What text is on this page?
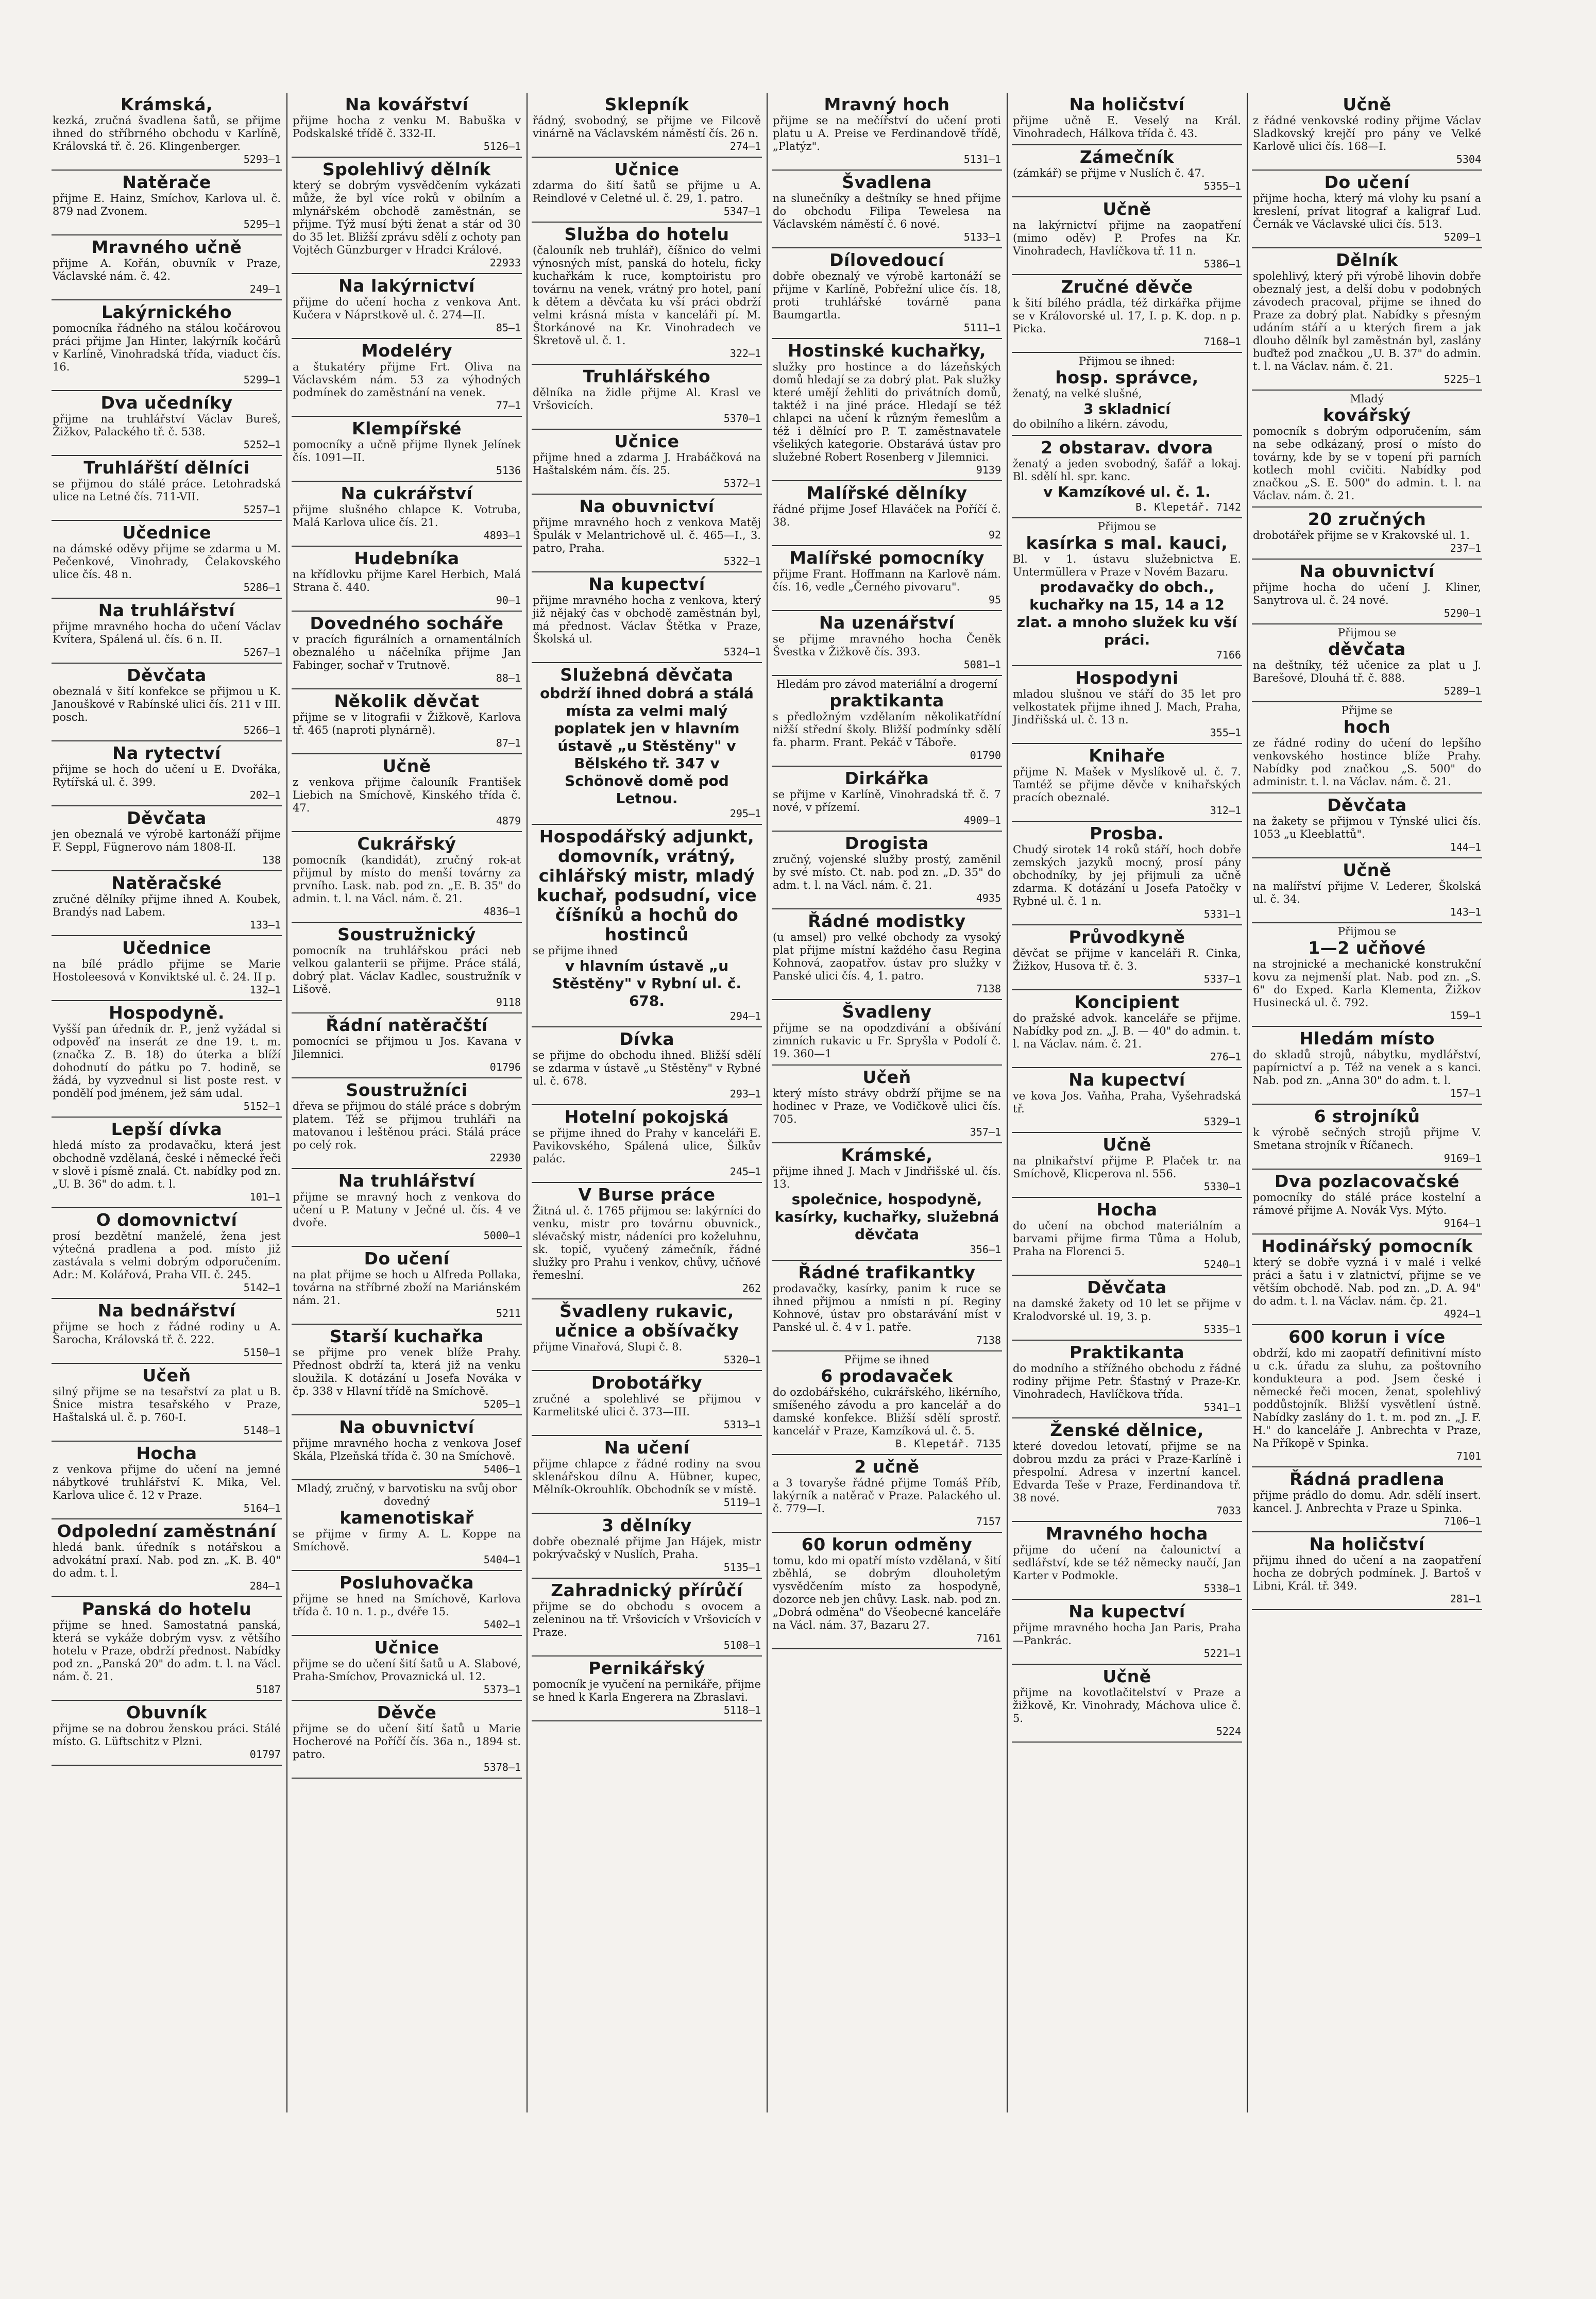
Krámská,
kezká, zručná švadlena šatů, se přijme ihned do stříbrného obchodu v Karlíně, Královská tř. č. 26. Klingenberger.
5293—1
Natěrače
přijme E. Hainz, Smíchov, Karlova ul. č. 879 nad Zvonem.
5295—1
Mravného učně
přijme A. Kořán, obuvník v Praze, Václavské nám. č. 42.
249—1
Lakýrnického
pomocníka řádného na stálou kočárovou práci přijme Jan Hinter, lakýrník kočárů v Karlíně, Vinohradská třída, viaduct čís. 16.
5299—1
Dva učedníky
přijme na truhlářství Václav Bureš, Žižkov, Palackého tř. č. 538.
5252—1
Truhlářští dělníci
se přijmou do stálé práce. Letohradská ulice na Letné čís. 711-VII.
5257—1
Učednice
na dámské oděvy přijme se zdarma u M. Pečenkové, Vinohrady, Čelakovského ulice čís. 48 n.
5286—1
Na truhlářství
přijme mravného hocha do učení Václav Kvítera, Spálená ul. čís. 6 n. II.
5267—1
Děvčata
obeznalá v šití konfekce se přijmou u K. Janouškové v Rabínské ulici čís. 211 v III. posch.
5266—1
Na rytectví
přijme se hoch do učení u E. Dvořáka, Rytířská ul. č. 399.
202—1
Děvčata
jen obeznalá ve výrobě kartonáží přijme F. Seppl, Fügnerovo nám 1808-II.
138
Natěračské
zručné dělníky přijme ihned A. Koubek, Brandýs nad Labem.
133—1
Učednice
na bílé prádlo přijme se Marie Hostoleesová v Konviktské ul. č. 24. II p.
132—1
Hospodyně.
Vyšší pan úředník dr. P., jenž vyžádal si odpověď na inserát ze dne 19. t. m. (značka Z. B. 18) do úterka a blíží dohodnutí do pátku po 7. hodině, se žádá, by vyzvednul si list poste rest. v pondělí pod jménem, jež sám udal.
5152—1
Lepší dívka
hledá místo za prodavačku, která jest obchodně vzdělaná, české i německé řeči v slově i písmě znalá. Ct. nabídky pod zn. „U. B. 36" do adm. t. l.
101—1
O domovnictví
prosí bezdětní manželé, žena jest výtečná pradlena a pod. místo již zastávala s velmi dobrým odporučením. Adr.: M. Kolářová, Praha VII. č. 245.
5142—1
Na bednářství
přijme se hoch z řádné rodiny u A. Šarocha, Královská tř. č. 222.
5150—1
Učeň
silný přijme se na tesařství za plat u B. Šnice mistra tesařského v Praze, Haštalská ul. č. p. 760-I.
5148—1
Hocha
z venkova přijme do učení na jemné nábytkové truhlářství K. Mika, Vel. Karlova ulice č. 12 v Praze.
5164—1
Odpolední zaměstnání
hledá bank. úředník s notářskou a advokátní praxí. Nab. pod zn. „K. B. 40" do adm. t. l.
284—1
Panská do hotelu
přijme se hned. Samostatná panská, která se vykáže dobrým vysv. z většího hotelu v Praze, obdrží přednost. Nabídky pod zn. „Panská 20" do adm. t. l. na Václ. nám. č. 21.
5187
Obuvník
přijme se na dobrou ženskou práci. Stálé místo. G. Lüftschitz v Plzni.
01797
Na kovářství
přijme hocha z venku M. Babuška v Podskalské třídě č. 332-II.
5126—1
Spolehlivý dělník
který se dobrým vysvědčením vykázati může, že byl více roků v obilním a mlynářském obchodě zaměstnán, se přijme. Týž musí býti ženat a stár od 30 do 35 let. Bližší zprávu sdělí z ochoty pan Vojtěch Günzburger v Hradci Králové.
22933
Na lakýrnictví
přijme do učení hocha z venkova Ant. Kučera v Náprstkově ul. č. 274—II.
85—1
Modeléry
a štukatéry přijme Frt. Oliva na Václavském nám. 53 za výhodných podmínek do zaměstnání na venek.
77—1
Klempířské
pomocníky a učně přijme Ilynek Jelínek čís. 1091—II.
5136
Na cukrářství
přijme slušného chlapce K. Votruba, Malá Karlova ulice čís. 21.
4893—1
Hudebníka
na křídlovku přijme Karel Herbich, Malá Strana č. 440.
90—1
Dovedného socháře
v pracích figurálních a ornamentálních obeznalého u náčelníka přijme Jan Fabinger, sochař v Trutnově.
88—1
Několik děvčat
přijme se v litografii v Žižkově, Karlova tř. 465 (naproti plynárně).
87—1
Učně
z venkova přijme čalouník František Liebich na Smíchově, Kinského třída č. 47.
4879
Cukrářský
pomocník (kandidát), zručný rok-at přijmul by místo do menší továrny za prvního. Lask. nab. pod zn. „E. B. 35" do admin. t. l. na Václ. nám. č. 21.
4836—1
Soustružnický
pomocník na truhlářskou práci neb velkou galanterii se přijme. Práce stálá, dobrý plat. Václav Kadlec, soustružník v Lišově.
9118
Řádní natěračští
pomocníci se přijmou u Jos. Kavana v Jilemnici.
01796
Soustružníci
dřeva se přijmou do stálé práce s dobrým platem. Též se přijmou truhláři na matovanou i leštěnou práci. Stálá práce po celý rok.
22930
Na truhlářství
přijme se mravný hoch z venkova do učení u P. Matuny v Ječné ul. čís. 4 ve dvoře.
5000—1
Do učení
na plat přijme se hoch u Alfreda Pollaka, továrna na stříbrné zboží na Mariánském nám. 21.
5211
Starší kuchařka
se přijme pro venek blíže Prahy. Přednost obdrží ta, která již na venku sloužila. K dotázání u Josefa Nováka v čp. 338 v Hlavní třídě na Smíchově.
5205—1
Na obuvnictví
přijme mravného hocha z venkova Josef Skála, Plzeňská třída č. 30 na Smíchově.
5406—1
Mladý, zručný, v barvotisku na svůj obor dovedný
kamenotiskař
se přijme v firmy A. L. Koppe na Smíchově.
5404—1
Posluhovačka
přijme se hned na Smíchově, Karlova třída č. 10 n. 1. p., dvéře 15.
5402—1
Učnice
přijme se do učení šití šatů u A. Slabové, Praha-Smíchov, Provaznická ul. 12.
5373—1
Děvče
přijme se do učení šití šatů u Marie Hocherové na Poříčí čís. 36a n., 1894 st. patro.
5378—1
Sklepník
řádný, svobodný, se přijme ve Filcově vinárně na Václavském náměstí čís. 26 n.
274—1
Učnice
zdarma do šití šatů se přijme u A. Reindlové v Celetné ul. č. 29, 1. patro.
5347—1
Služba do hotelu
(čalouník neb truhlář), číšnico do velmi výnosných míst, panská do hotelu, ficky kuchařkám k ruce, komptoiristu pro továrnu na venek, vrátný pro hotel, paní k dětem a děvčata ku vší práci obdrží velmi krásná místa v kanceláři pí. M. Štorkánové na Kr. Vinohradech ve Škretově ul. č. 1.
322—1
Truhlářského
dělníka na židle přijme Al. Krasl ve Vršovicích.
5370—1
Učnice
přijme hned a zdarma J. Hrabáčková na Haštalském nám. čís. 25.
5372—1
Na obuvnictví
přijme mravného hoch z venkova Matěj Špulák v Melantrichově ul. č. 465—I., 3. patro, Praha.
5322—1
Na kupectví
přijme mravného hocha z venkova, který již nějaký čas v obchodě zaměstnán byl, má přednost. Václav Štětka v Praze, Školská ul.
5324—1
Služebná děvčata
obdrží ihned dobrá a stálá místa za velmi malý poplatek jen v hlavním ústavě „u Stěstěny" v Bělského tř. 347 v Schönově domě pod Letnou.
295—1
Hospodářský adjunkt, domovník, vrátný, cihlářský mistr, mladý kuchař, podsudní, vice číšníků a hochů do hostinců
se přijme ihned
v hlavním ústavě „u Stěstěny" v Rybní ul. č. 678.
294—1
Dívka
se přijme do obchodu ihned. Bližší sdělí se zdarma v ústavě „u Stěstěny" v Rybné ul. č. 678.
293—1
Hotelní pokojská
se přijme ihned do Prahy v kanceláři E. Pavikovského, Spálená ulice, Šilkův palác.
245—1
V Burse práce
Žitná ul. č. 1765 přijmou se: lakýrníci do venku, mistr pro továrnu obuvnick., slévačský mistr, nádeníci pro koželuhnu, sk. topič, vyučený zámečník, řádné služky pro Prahu i venkov, chůvy, učňové řemeslní.
262
Švadleny rukavic, učnice a obšívačky
přijme Vinařová, Slupi č. 8.
5320—1
Drobotářky
zručné a spolehlivé se přijmou v Karmelitské ulici č. 373—III.
5313—1
Na učení
přijme chlapce z řádné rodiny na svou sklenářskou dílnu A. Hübner, kupec, Mělník-Okrouhlík. Obchodník se v místě.
5119—1
3 dělníky
dobře obeznalé přijme Jan Hájek, mistr pokrývačský v Nuslích, Praha.
5135—1
Zahradnický přírůčí
přijme se do obchodu s ovocem a zeleninou na tř. Vršovicích v Vršovicích v Praze.
5108—1
Pernikářský
pomocník je vyučení na pernikáře, přijme se hned k Karla Engerera na Zbraslavi.
5118—1
Mravný hoch
přijme se na mečířství do učení proti platu u A. Preise ve Ferdinandově třídě, „Platýz".
5131—1
Švadlena
na slunečníky a deštníky se hned přijme do obchodu Filipa Tewelesa na Václavském náměstí č. 6 nové.
5133—1
Dílovedoucí
dobře obeznalý ve výrobě kartonáží se přijme v Karlíně, Pobřežní ulice čís. 18, proti truhlářské továrně pana Baumgartla.
5111—1
Hostinské kuchařky,
služky pro hostince a do lázeňských domů hledají se za dobrý plat. Pak služky které umějí žehliti do privátních domů, taktéž i na jiné práce. Hledají se též chlapci na učení k různým řemeslům a též i dělnící pro P. T. zaměstnavatele všelikých kategorie. Obstarává ústav pro služebné Robert Rosenberg v Jilemnici.
9139
Malířské dělníky
řádné přijme Josef Hlaváček na Poříčí č. 38.
92
Malířské pomocníky
přijme Frant. Hoffmann na Karlově nám. čís. 16, vedle „Černého pivovaru".
95
Na uzenářství
se přijme mravného hocha Čeněk Švestka v Žižkově čís. 393.
5081—1
Hledám pro závod materiální a drogerní
praktikanta
s předložným vzdělaním několikatřídní nižší střední školy. Bližší podmínky sdělí fa. pharm. Frant. Pekáč v Táboře.
01790
Dirkářka
se přijme v Karlíně, Vinohradská tř. č. 7 nové, v přízemí.
4909—1
Drogista
zručný, vojenské služby prostý, zaměnil by své místo. Ct. nab. pod zn. „D. 35" do adm. t. l. na Václ. nám. č. 21.
4935
Řádné modistky
(u amsel) pro velké obchody za vysoký plat přijme místní každého času Regina Kohnová, zaopatřov. ústav pro služky v Panské ulici čís. 4, 1. patro.
7138
Švadleny
přijme se na opodzdivání a obšívání zimních rukavic u Fr. Spryšla v Podolí č. 19. 360—1
Učeň
který místo strávy obdrží přijme se na hodinec v Praze, ve Vodičkově ulici čís. 705.
357—1
Krámské,
přijme ihned J. Mach v Jindřišské ul. čís. 13.
společnice, hospodyně, kasírky, kuchařky, služebná děvčata
356—1
Řádné trafikantky
prodavačky, kasírky, panim k ruce se ihned přijmou a nmísti n pí. Reginy Kohnové, ústav pro obstarávání míst v Panské ul. č. 4 v 1. patře.
7138
Přijme se ihned
6 prodavaček
do ozdobářského, cukrářského, likérního, smíšeného závodu a pro kancelář a do damské konfekce. Bližší sdělí sprostř. kancelář v Praze, Kamzíková ul. č. 5.
B. Klepetář. 7135
2 učně
a 3 tovaryše řádné přijme Tomáš Příb, lakýrník a natěrač v Praze. Palackého ul. č. 779—I.
7157
60 korun odměny
tomu, kdo mi opatří místo vzdělaná, v šití zběhlá, se dobrým dlouholetým vysvědčením místo za hospodyně, dozorce neb jen chůvy. Lask. nab. pod zn. „Dobrá odměna" do Všeobecné kanceláře na Václ. nám. 37, Bazaru 27.
7161
Na holičství
přijme učně E. Veselý na Král. Vinohradech, Hálkova třída č. 43.
Zámečník
(zámkář) se přijme v Nuslích č. 47.
5355—1
Učně
na lakýrnictví přijme na zaopatření (mimo oděv) P. Profes na Kr. Vinohradech, Havlíčkova tř. 11 n.
5386—1
Zručné děvče
k šití bílého prádla, též dirkářka přijme se v Královorské ul. 17, I. p. K. dop. n p. Picka.
7168—1
Přijmou se ihned:
hosp. správce,
ženatý, na velké slušné,
3 skladnicí
do obilního a likérn. závodu,
2 obstarav. dvora
ženatý a jeden svobodný, šafář a lokaj. Bl. sdělí hl. spr. kanc.
v Kamzíkové ul. č. 1.
B. Klepetář. 7142
Přijmou se
kasírka s mal. kauci,
Bl. v 1. ústavu služebnictva E. Untermüllera v Praze v Novém Bazaru.
prodavačky do obch., kuchařky na 15, 14 a 12 zlat. a mnoho služek ku vší práci.
7166
Hospodyni
mladou slušnou ve stáří do 35 let pro velkostatek přijme ihned J. Mach, Praha, Jindřišská ul. č. 13 n.
355—1
Knihaře
přijme N. Mašek v Myslíkově ul. č. 7. Tamtéž se přijme děvče v knihařských pracích obeznalé.
312—1
Prosba.
Chudý sirotek 14 roků stáří, hoch dobře zemských jazyků mocný, prosí pány obchodníky, by jej přijmuli za učně zdarma. K dotázání u Josefa Patočky v Rybné ul. č. 1 n.
5331—1
Průvodkyně
děvčat se přijme v kanceláři R. Cinka, Žižkov, Husova tř. č. 3.
5337—1
Koncipient
do pražské advok. kanceláře se přijme. Nabídky pod zn. „J. B. — 40" do admin. t. l. na Václav. nám. č. 21.
276—1
Na kupectví
ve kova Jos. Vaňha, Praha, Vyšehradská tř.
5329—1
Učně
na plnikařství přijme P. Plaček tr. na Smíchově, Klicperova nl. 556.
5330—1
Hocha
do učení na obchod materiálním a barvami přijme firma Tůma a Holub, Praha na Florenci 5.
5240—1
Děvčata
na damské žakety od 10 let se přijme v Kralodvorské ul. 19, 3. p.
5335—1
Praktikanta
do modního a střížného obchodu z řádné rodiny přijme Petr. Šťastný v Praze-Kr. Vinohradech, Havlíčkova třída.
5341—1
Ženské dělnice,
které dovedou letovatí, přijme se na dobrou mzdu za práci v Praze-Karlíně i přespolní. Adresa v inzertní kancel. Edvarda Teše v Praze, Ferdinandova tř. 38 nové.
7033
Mravného hocha
přijme do učení na čalounictví a sedlářství, kde se též německy naučí, Jan Karter v Podmokle.
5338—1
Na kupectví
přijme mravného hocha Jan Paris, Praha—Pankrác.
5221—1
Učně
přijme na kovotlačitelství v Praze a žižkově, Kr. Vinohrady, Máchova ulice č. 5.
5224
Učně
z řádné venkovské rodiny přijme Václav Sladkovský krejčí pro pány ve Velké Karlově ulici čís. 168—I.
5304
Do učení
přijme hocha, který má vlohy ku psaní a kreslení, prívat litograf a kaligraf Lud. Černák ve Václavské ulici čís. 513.
5209—1
Dělník
spolehlivý, který při výrobě lihovin dobře obeznalý jest, a delší dobu v podobných závodech pracoval, přijme se ihned do Praze za dobrý plat. Nabídky s přesným udáním stáří a u kterých firem a jak dlouho dělník byl zaměstnán byl, zaslány buďtež pod značkou „U. B. 37" do admin. t. l. na Václav. nám. č. 21.
5225—1
Mladý
kovářský
pomocník s dobrým odporučením, sám na sebe odkázaný, prosí o místo do továrny, kde by se v topení při parních kotlech mohl cvičiti. Nabídky pod značkou „S. E. 500" do admin. t. l. na Václav. nám. č. 21.
20 zručných
drobotářek přijme se v Krakovské ul. 1.
237—1
Na obuvnictví
přijme hocha do učení J. Kliner, Sanytrova ul. č. 24 nové.
5290—1
Přijmou se
děvčata
na deštníky, též učenice za plat u J. Barešové, Dlouhá tř. č. 888.
5289—1
Přijme se
hoch
ze řádné rodiny do učení do lepšího venkovského hostince blíže Prahy. Nabídky pod značkou „S. 500" do administr. t. l. na Václav. nám. č. 21.
Děvčata
na žakety se přijmou v Týnské ulici čís. 1053 „u Kleeblattů".
144—1
Učně
na malířství přijme V. Lederer, Školská ul. č. 34.
143—1
Přijmou se
1—2 učňové
na strojnické a mechanické konstrukční kovu za nejmenší plat. Nab. pod zn. „S. 6" do Exped. Karla Klementa, Žižkov Husinecká ul. č. 792.
159—1
Hledám místo
do skladů strojů, nábytku, mydlářství, papírnictví a p. Též na venek a s kanci. Nab. pod zn. „Anna 30" do adm. t. l.
157—1
6 strojníků
k výrobě sečných strojů přijme V. Smetana strojník v Říčanech.
9169—1
Dva pozlacovačské
pomocníky do stálé práce kostelní a rámové přijme A. Novák Vys. Mýto.
9164—1
Hodinářský pomocník
který se dobře vyzná i v malé i velké práci a šatu i v zlatnictví, přijme se ve větším obchodě. Nab. pod zn. „D. A. 94" do adm. t. l. na Václav. nám. čp. 21.
4924—1
600 korun i více
obdrží, kdo mi zaopatří definitivní místo u c.k. úřadu za sluhu, za poštovního kondukteura a pod. Jsem české i německé řeči mocen, ženat, spolehlivý poddůstojník. Bližší vysvětlení ústně. Nabídky zaslány do 1. t. m. pod zn. „J. F. H." do kanceláře J. Anbrechta v Praze, Na Příkopě v Spinka.
7101
Řádná pradlena
přijme prádlo do domu. Adr. sdělí insert. kancel. J. Anbrechta v Praze u Spinka.
7106—1
Na holičství
přijmu ihned do učení a na zaopatření hocha ze dobrých podmínek. J. Bartoš v Libni, Král. tř. 349.
281—1
